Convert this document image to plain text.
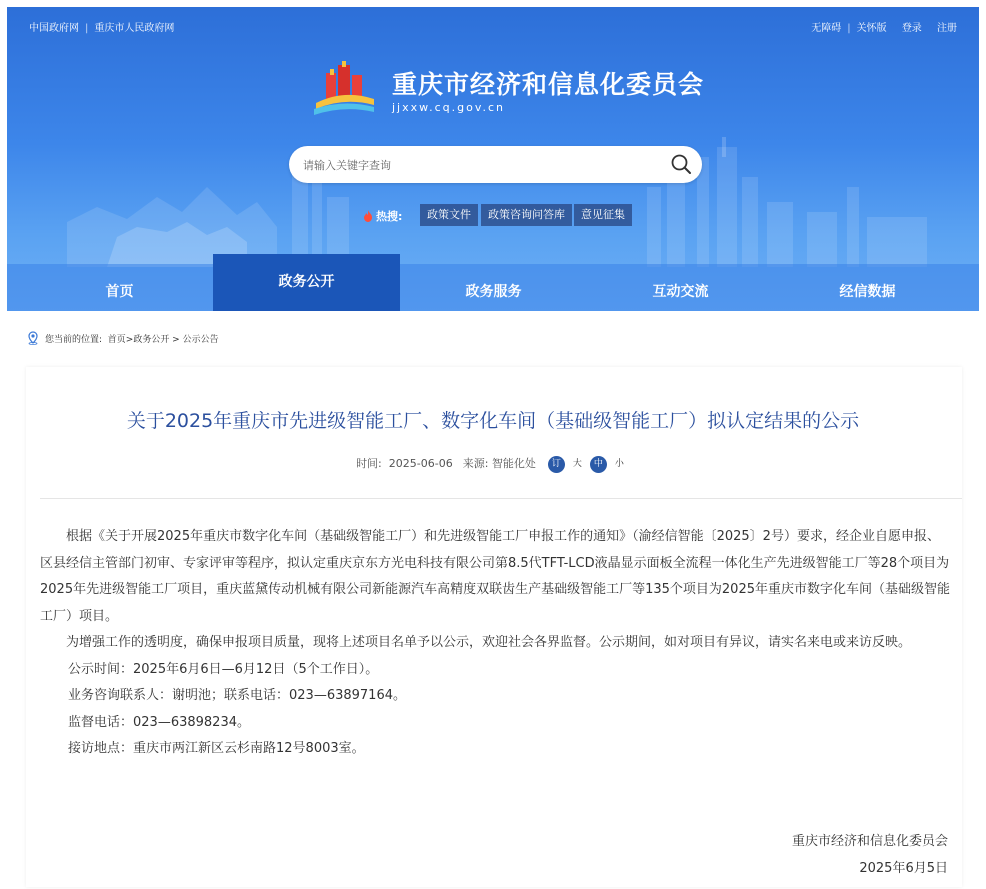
中国政府网 | 重庆市人民政府网	无障碍 | 关怀版 登录 注册
重庆市经济和信息化委员会
jjxxw.cq.gov.cn
请输入关键字查询
热搜:	政策文件	政策咨询问答库	意见征集
首页
政务公开
政务服务	互动交流	经信数据
您当前的位置: 首页>政务公开 > 公示公告
关于2025年重庆市先进级智能工厂、数字化车间（基础级智能工厂）拟认定结果的公示
时间: 2025-06-06 来源: 智能化处 订 大 中 小

根据《关于开展2025年重庆市数字化车间（基础级智能工厂）和先进级智能工厂申报工作的通知》（渝经信智能〔2025〕2号）要求，经企业自愿申报、区县经信主管部门初审、专家评审等程序，拟认定重庆京东方光电科技有限公司第8.5代TFT-LCD液晶显示面板全流程一体化生产先进级智能工厂等28个项目为2025年先进级智能工厂项目，重庆蓝黛传动机械有限公司新能源汽车高精度双联齿生产基础级智能工厂等135个项目为2025年重庆市数字化车间（基础级智能工厂）项目。

为增强工作的透明度，确保申报项目质量，现将上述项目名单予以公示，欢迎社会各界监督。公示期间，如对项目有异议，请实名来电或来访反映。

公示时间：2025年6月6日—6月12日（5个工作日）。

业务咨询联系人：谢明池；联系电话：023—63897164。

监督电话：023—63898234。

接访地点：重庆市两江新区云杉南路12号8003室。

重庆市经济和信息化委员会
2025年6月5日
